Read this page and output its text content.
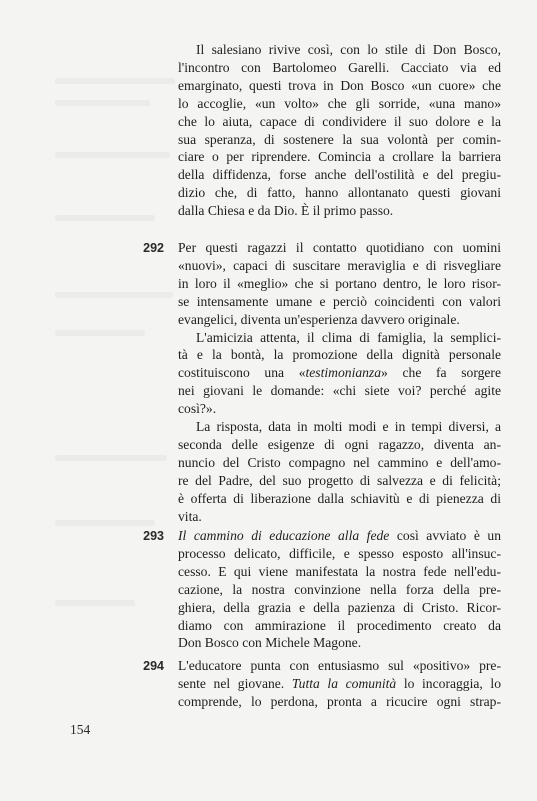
Il salesiano rivive così, con lo stile di Don Bosco,
l'incontro con Bartolomeo Garelli. Cacciato via ed
emarginato, questi trova in Don Bosco «un cuore» che
lo accoglie, «un volto» che gli sorride, «una mano»
che lo aiuta, capace di condividere il suo dolore e la
sua speranza, di sostenere la sua volontà per comin-
ciare o per riprendere. Comincia a crollare la barriera
della diffidenza, forse anche dell'ostilità e del pregiu-
dizio che, di fatto, hanno allontanato questi giovani
dalla Chiesa e da Dio. È il primo passo.
292 Per questi ragazzi il contatto quotidiano con uomini
«nuovi», capaci di suscitare meraviglia e di risvegliare
in loro il «meglio» che si portano dentro, le loro risor-
se intensamente umane e perciò coincidenti con valori
evangelici, diventa un'esperienza davvero originale.
L'amicizia attenta, il clima di famiglia, la semplici-
tà e la bontà, la promozione della dignità personale
costituiscono una «testimonianza» che fa sorgere
nei giovani le domande: «chi siete voi? perché agite
così?».
La risposta, data in molti modi e in tempi diversi, a
seconda delle esigenze di ogni ragazzo, diventa an-
nuncio del Cristo compagno nel cammino e dell'amo-
re del Padre, del suo progetto di salvezza e di felicità;
è offerta di liberazione dalla schiavitù e di pienezza di
vita.
293 Il cammino di educazione alla fede così avviato è un
processo delicato, difficile, e spesso esposto all'insuc-
cesso. E qui viene manifestata la nostra fede nell'edu-
cazione, la nostra convinzione nella forza della pre-
ghiera, della grazia e della pazienza di Cristo. Ricor-
diamo con ammirazione il procedimento creato da
Don Bosco con Michele Magone.
294 L'educatore punta con entusiasmo sul «positivo» pre-
sente nel giovane. Tutta la comunità lo incoraggia, lo
comprende, lo perdona, pronta a ricucire ogni strap-
154
